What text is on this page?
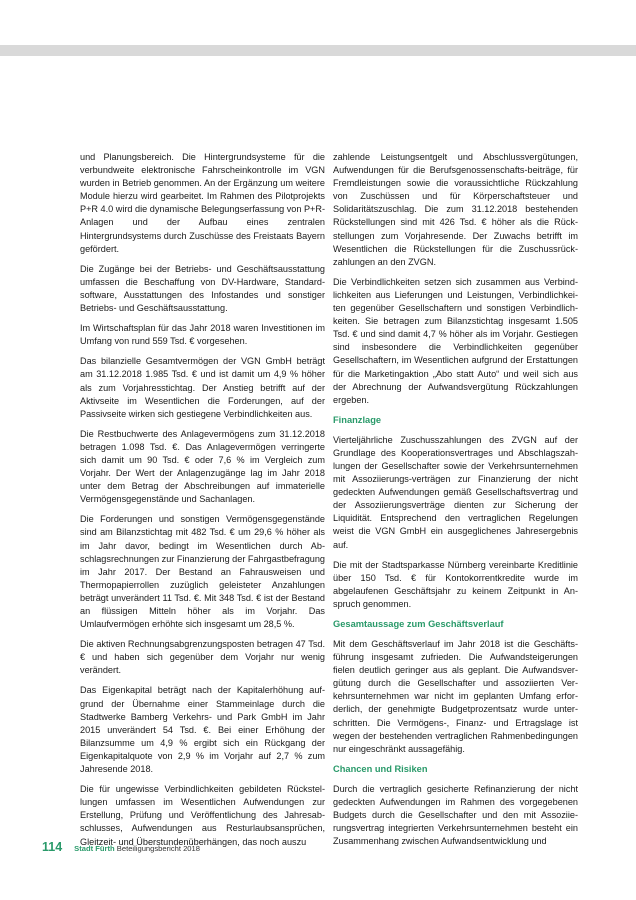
und Planungsbereich. Die Hintergrundsysteme für die verbundweite elektronische Fahrscheinkontrolle im VGN wurden in Betrieb genommen. An der Ergänzung um weitere Module hierzu wird gearbeitet. Im Rahmen des Pilotprojekts P+R 4.0 wird die dynamische Belegungserfassung von P+R-Anlagen und der Aufbau eines zentralen Hintergrundsystems durch Zuschüsse des Freistaats Bayern gefördert.

Die Zugänge bei der Betriebs- und Geschäftsausstattung umfassen die Beschaffung von DV-Hardware, Standardsoftware, Ausstattungen des Infostandes und sonstiger Betriebs- und Geschäftsausstattung.

Im Wirtschaftsplan für das Jahr 2018 waren Investitionen im Umfang von rund 559 Tsd. € vorgesehen.

Das bilanzielle Gesamtvermögen der VGN GmbH beträgt am 31.12.2018 1.985 Tsd. € und ist damit um 4,9 % höher als zum Vorjahresstichtag. Der Anstieg betrifft auf der Aktivseite im Wesentlichen die Forderungen, auf der Passivseite wirken sich gestiegene Verbindlichkeiten aus.

Die Restbuchwerte des Anlagevermögens zum 31.12.2018 betragen 1.098 Tsd. €. Das Anlagevermögen verringerte sich damit um 90 Tsd. € oder 7,6 % im Vergleich zum Vorjahr. Der Wert der Anlagenzugänge lag im Jahr 2018 unter dem Betrag der Abschreibungen auf immaterielle Vermögensgegenstände und Sachanlagen.

Die Forderungen und sonstigen Vermögensgegenstände sind am Bilanzstichtag mit 482 Tsd. € um 29,6 % höher als im Jahr davor, bedingt im Wesentlichen durch Abschlagsrechnungen zur Finanzierung der Fahrgastbefragung im Jahr 2017. Der Bestand an Fahrausweisen und Thermopapierrollen zuzüglich geleisteter Anzahlungen beträgt unverändert 11 Tsd. €. Mit 348 Tsd. € ist der Bestand an flüssigen Mitteln höher als im Vorjahr. Das Umlaufvermögen erhöhte sich insgesamt um 28,5 %.

Die aktiven Rechnungsabgrenzungsposten betragen 47 Tsd. € und haben sich gegenüber dem Vorjahr nur wenig verändert.

Das Eigenkapital beträgt nach der Kapitalerhöhung aufgrund der Übernahme einer Stammeinlage durch die Stadtwerke Bamberg Verkehrs- und Park GmbH im Jahr 2015 unverändert 54 Tsd. €. Bei einer Erhöhung der Bilanzsumme um 4,9 % ergibt sich ein Rückgang der Eigenkapitalquote von 2,9 % im Vorjahr auf 2,7 % zum Jahresende 2018.

Die für ungewisse Verbindlichkeiten gebildeten Rückstellungen umfassen im Wesentlichen Aufwendungen zur Erstellung, Prüfung und Veröffentlichung des Jahresabschlusses, Aufwendungen aus Resturlaubsansprüchen, Gleitzeit- und Überstundenüberhängen, das noch auszu

zahlende Leistungsentgelt und Abschlussvergütungen, Aufwendungen für die Berufsgenossenschafts-beiträge, für Fremdleistungen sowie die voraussichtliche Rückzahlung von Zuschüssen und für Körperschaftsteuer und Solidaritätszuschlag. Die zum 31.12.2018 bestehenden Rückstellungen sind mit 426 Tsd. € höher als die Rückstellungen zum Vorjahresende. Der Zuwachs betrifft im Wesentlichen die Rückstellungen für die Zuschussrückzahlungen an den ZVGN.

Die Verbindlichkeiten setzen sich zusammen aus Verbindlichkeiten aus Lieferungen und Leistungen, Verbindlichkeiten gegenüber Gesellschaftern und sonstigen Verbindlichkeiten. Sie betragen zum Bilanzstichtag insgesamt 1.505 Tsd. € und sind damit 4,7 % höher als im Vorjahr. Gestiegen sind insbesondere die Verbindlichkeiten gegenüber Gesellschaftern, im Wesentlichen aufgrund der Erstattungen für die Marketingaktion „Abo statt Auto“ und weil sich aus der Abrechnung der Aufwandsvergütung Rückzahlungen ergeben.

Finanzlage

Vierteljährliche Zuschusszahlungen des ZVGN auf der Grundlage des Kooperationsvertrages und Abschlagszahlungen der Gesellschafter sowie der Verkehrsunternehmen mit Assoziierungs-verträgen zur Finanzierung der nicht gedeckten Aufwendungen gemäß Gesellschaftsvertrag und der Assoziierungsverträge dienten zur Sicherung der Liquidität. Entsprechend den vertraglichen Regelungen weist die VGN GmbH ein ausgeglichenes Jahresergebnis auf.

Die mit der Stadtsparkasse Nürnberg vereinbarte Kreditlinie über 150 Tsd. € für Kontokorrentkredite wurde im abgelaufenen Geschäftsjahr zu keinem Zeitpunkt in Anspruch genommen.

Gesamtaussage zum Geschäftsverlauf

Mit dem Geschäftsverlauf im Jahr 2018 ist die Geschäftsführung insgesamt zufrieden. Die Aufwandsteigerungen fielen deutlich geringer aus als geplant. Die Aufwandsvergütung durch die Gesellschafter und assoziierten Verkehrsunternehmen war nicht im geplanten Umfang erforderlich, der genehmigte Budgetprozentsatz wurde unterschritten. Die Vermögens-, Finanz- und Ertragslage ist wegen der bestehenden vertraglichen Rahmenbedingungen nur eingeschränkt aussagefähig.

Chancen und Risiken

Durch die vertraglich gesicherte Refinanzierung der nicht gedeckten Aufwendungen im Rahmen des vorgegebenen Budgets durch die Gesellschafter und den mit Assoziierungsvertrag integrierten Verkehrsunternehmen besteht ein Zusammenhang zwischen Aufwandsentwicklung und

114 Stadt Fürth Beteiligungsbericht 2018
